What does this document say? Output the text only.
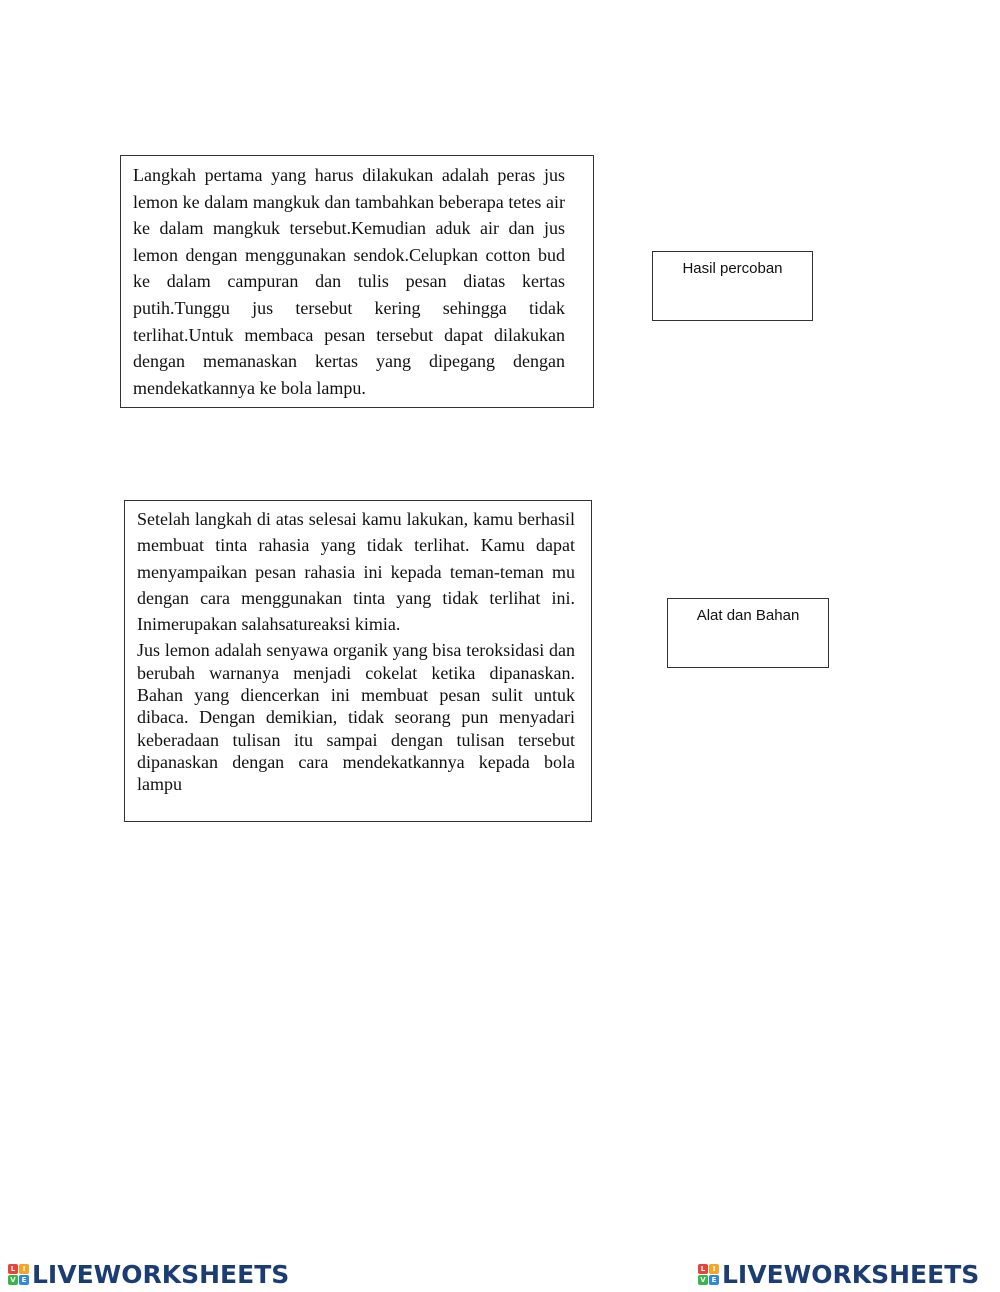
Langkah pertama yang harus dilakukan adalah peras jus lemon ke dalam mangkuk dan tambahkan beberapa tetes air ke dalam mangkuk tersebut.Kemudian aduk air dan jus lemon dengan menggunakan sendok.Celupkan cotton bud ke dalam campuran dan tulis pesan diatas kertas putih.Tunggu jus tersebut kering sehingga tidak terlihat.Untuk membaca pesan tersebut dapat dilakukan dengan memanaskan kertas yang dipegang dengan mendekatkannya ke bola lampu.

Hasil percoban

Setelah langkah di atas selesai kamu lakukan, kamu berhasil membuat tinta rahasia yang tidak terlihat. Kamu dapat menyampaikan pesan rahasia ini kepada teman-teman mu dengan cara menggunakan tinta yang tidak terlihat ini. Inimerupakan salahsatureaksi kimia.

Jus lemon adalah senyawa organik yang bisa teroksidasi dan berubah warnanya menjadi cokelat ketika dipanaskan. Bahan yang diencerkan ini membuat pesan sulit untuk dibaca. Dengan demikian, tidak seorang pun menyadari keberadaan tulisan itu sampai dengan tulisan tersebut dipanaskan dengan cara mendekatkannya kepada bola lampu

Alat dan Bahan
L	I
V E LIVEWORKSHEETS	L	I
V E LIVEWORKSHEETS
